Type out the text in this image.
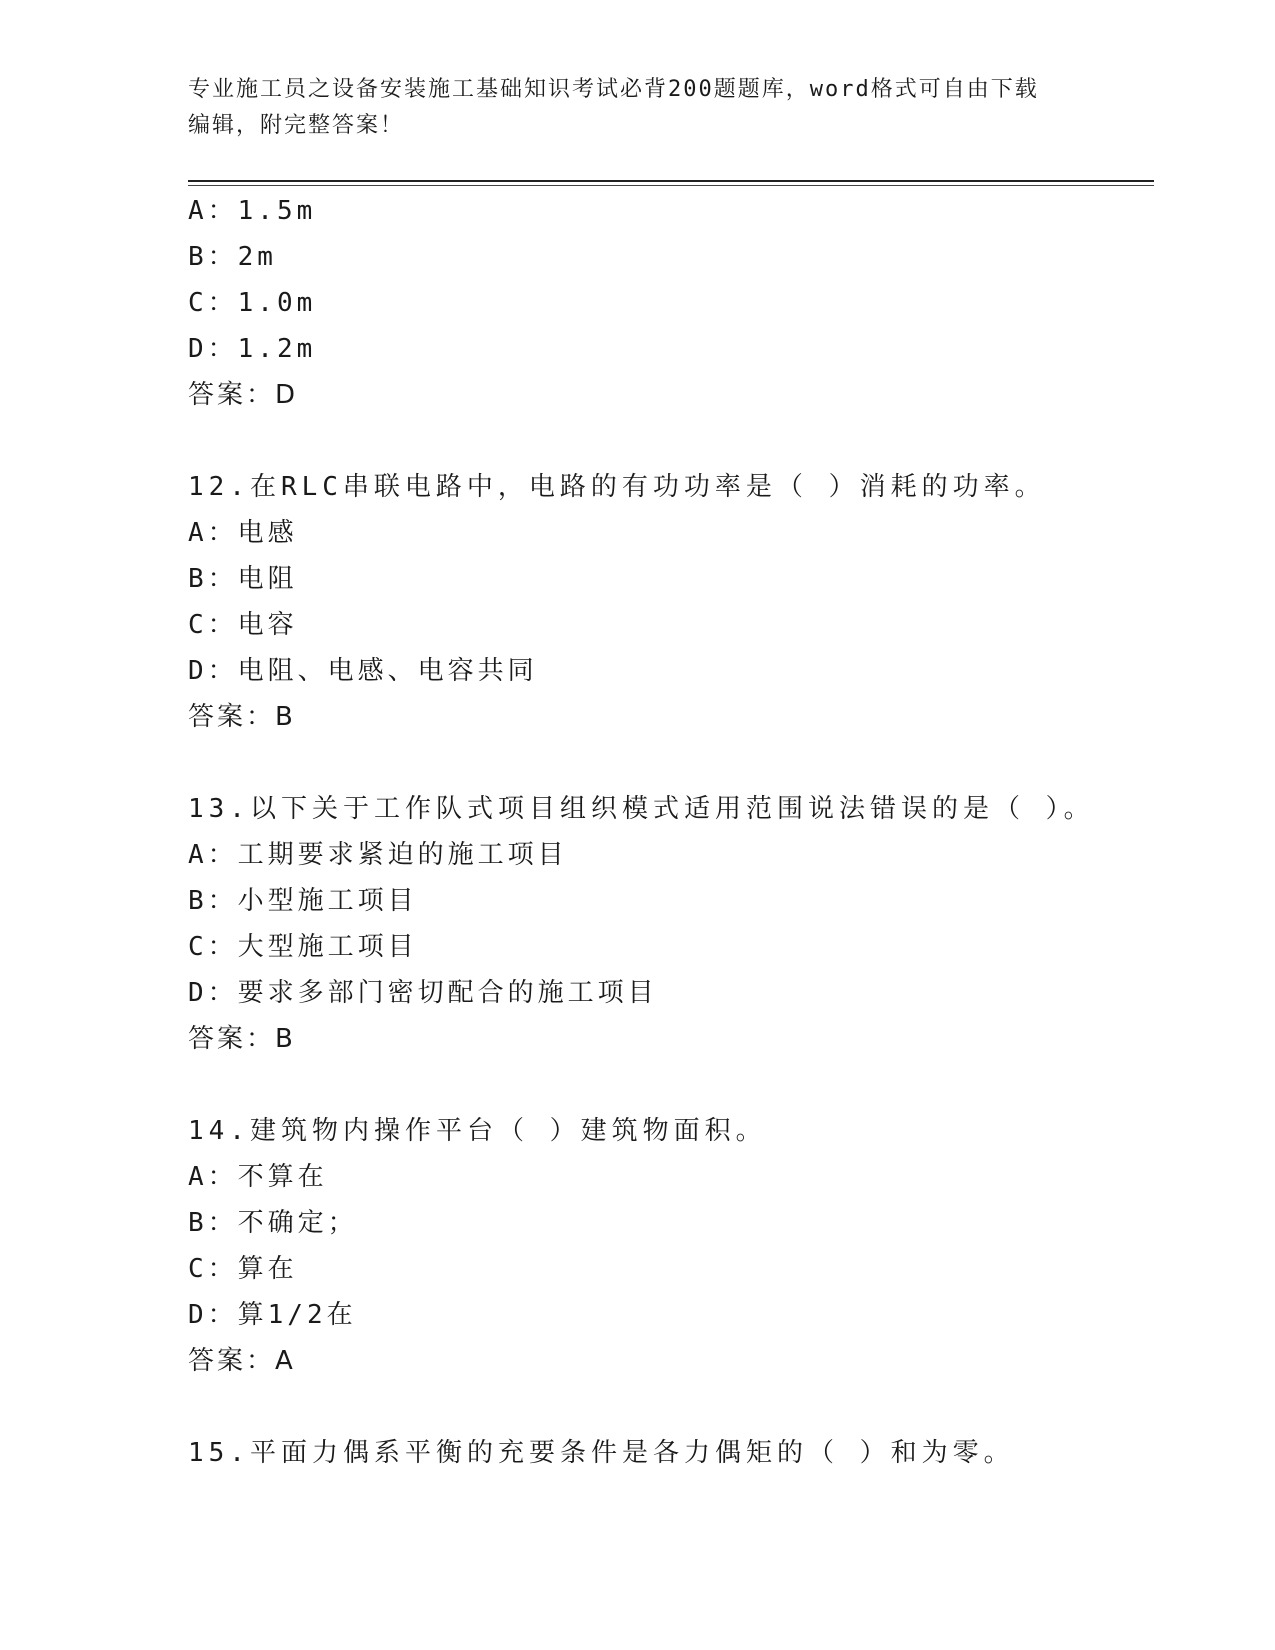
专业施工员之设备安装施工基础知识考试必背200题题库，word格式可自由下载
编辑，附完整答案！
A：1.5m
B：2m
C：1.0m
D：1.2m
答案：D
12.在RLC串联电路中，电路的有功功率是（ ）消耗的功率。
A：电感
B：电阻
C：电容
D：电阻、电感、电容共同
答案：B
13.以下关于工作队式项目组织模式适用范围说法错误的是（ ）。
A：工期要求紧迫的施工项目
B：小型施工项目
C：大型施工项目
D：要求多部门密切配合的施工项目
答案：B
14.建筑物内操作平台（ ）建筑物面积。
A：不算在
B：不确定；
C：算在
D：算1/2在
答案：A
15.平面力偶系平衡的充要条件是各力偶矩的（ ）和为零。
